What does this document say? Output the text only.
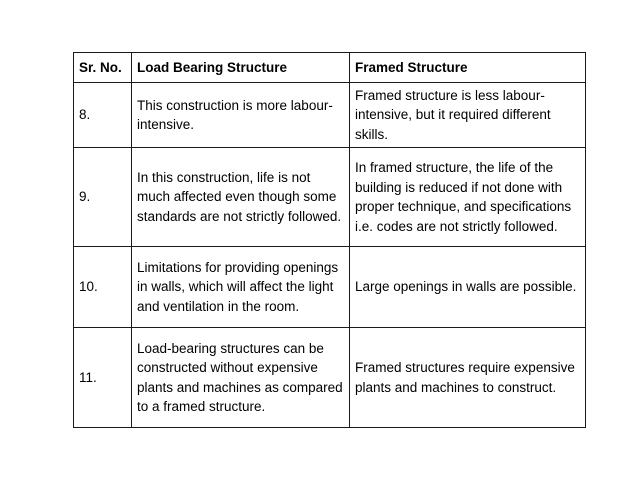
Sr. No.	Load Bearing Structure	Framed Structure
8.	This construction is more labour-intensive.	Framed structure is less labour-intensive, but it required different skills.
9.	In this construction, life is not much affected even though some standards are not strictly followed.	In framed structure, the life of the building is reduced if not done with proper technique, and specifications i.e. codes are not strictly followed.
10.	Limitations for providing openings in walls, which will affect the light and ventilation in the room.	Large openings in walls are possible.
11.	Load-bearing structures can be constructed without expensive plants and machines as compared to a framed structure.	Framed structures require expensive plants and machines to construct.
